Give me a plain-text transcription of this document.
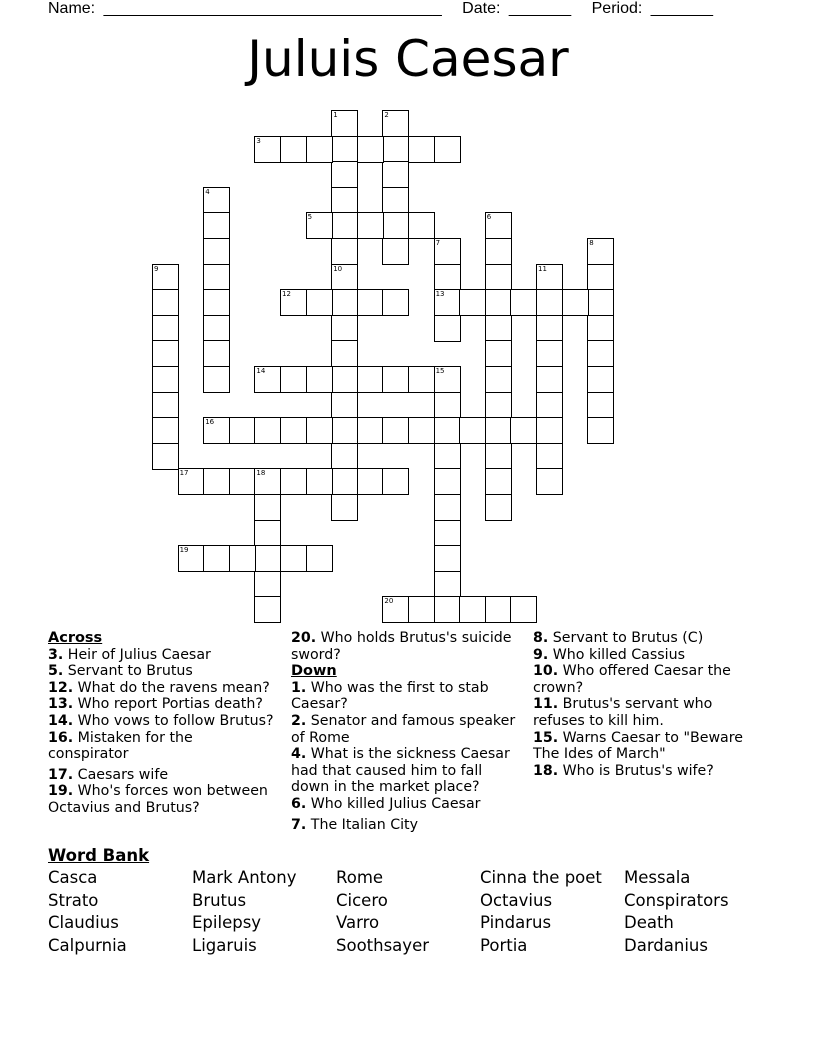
Name: ______________________________________ Date: _______ Period: _______
Juluis Caesar
1
10
2
3
4
5	6
7
13
8
9	11
12
14	15
16
17	18
19
20
Across
3. Heir of Julius Caesar
5. Servant to Brutus
12. What do the ravens mean?
13. Who report Portias death?
14. Who vows to follow Brutus?
16. Mistaken for the conspirator
17. Caesars wife
19. Who's forces won between Octavius and Brutus?
20. Who holds Brutus's suicide sword?
Down
1. Who was the first to stab Caesar?
2. Senator and famous speaker of Rome
4. What is the sickness Caesar had that caused him to fall down in the market place?
6. Who killed Julius Caesar
7. The Italian City
8. Servant to Brutus (C)
9. Who killed Cassius
10. Who offered Caesar the crown?
11. Brutus's servant who refuses to kill him.
15. Warns Caesar to "Beware The Ides of March"
18. Who is Brutus's wife?
Word Bank
Casca	Mark Antony	Rome	Cinna the poet	Messala
Strato	Brutus	Cicero	Octavius	Conspirators
Claudius	Epilepsy	Varro	Pindarus	Death
Calpurnia	Ligaruis	Soothsayer	Portia	Dardanius
